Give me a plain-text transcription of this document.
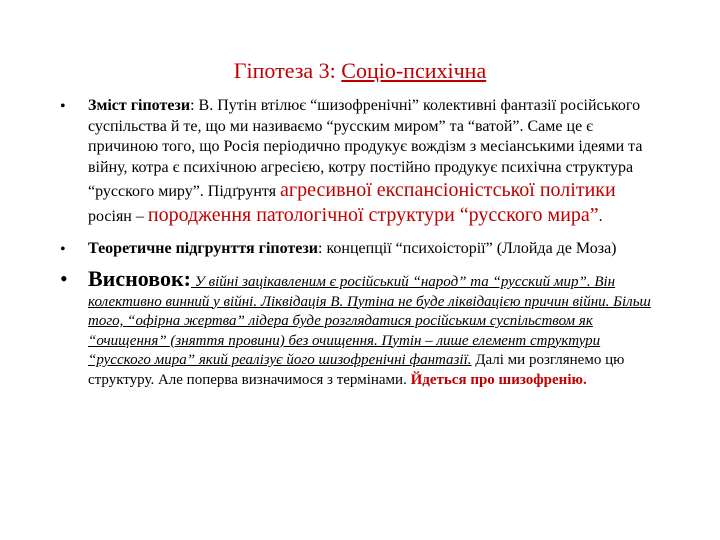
Гіпотеза 3: Соціо-психічна
• Зміст гіпотези: В. Путін втілює “шизофренічні” колективні фантазії російського суспільства й те, що ми називаємо “русским миром” та “ватой”. Саме це є причиною того, що Росія періодично продукує вождізм з месіанськими ідеями та війну, котра є психічною агресією, котру постійно продукує психічна структура “русского миру”. Підґрунтя агресивної експансіоністської політики росіян – породження патологічної структури “русского мира”.
• Теоретичне підгрунття гіпотези: концепції “психоісторії” (Ллойда де Моза)
• Висновок: У війні зацікавленим є російський “народ” та “русский мир”. Він колективно винний у війні. Ліквідація В. Путіна не буде ліквідацією причин війни. Більш того, “офірна жертва” лідера буде розглядатися російським суспільством як “очищення” (зняття провини) без очищення. Путін – лише елемент структури “русского мира” який реалізує його шизофренічні фантазії. Далі ми розглянемо цю структуру. Але поперва визначимося з термінами. Йдеться про шизофренію.
